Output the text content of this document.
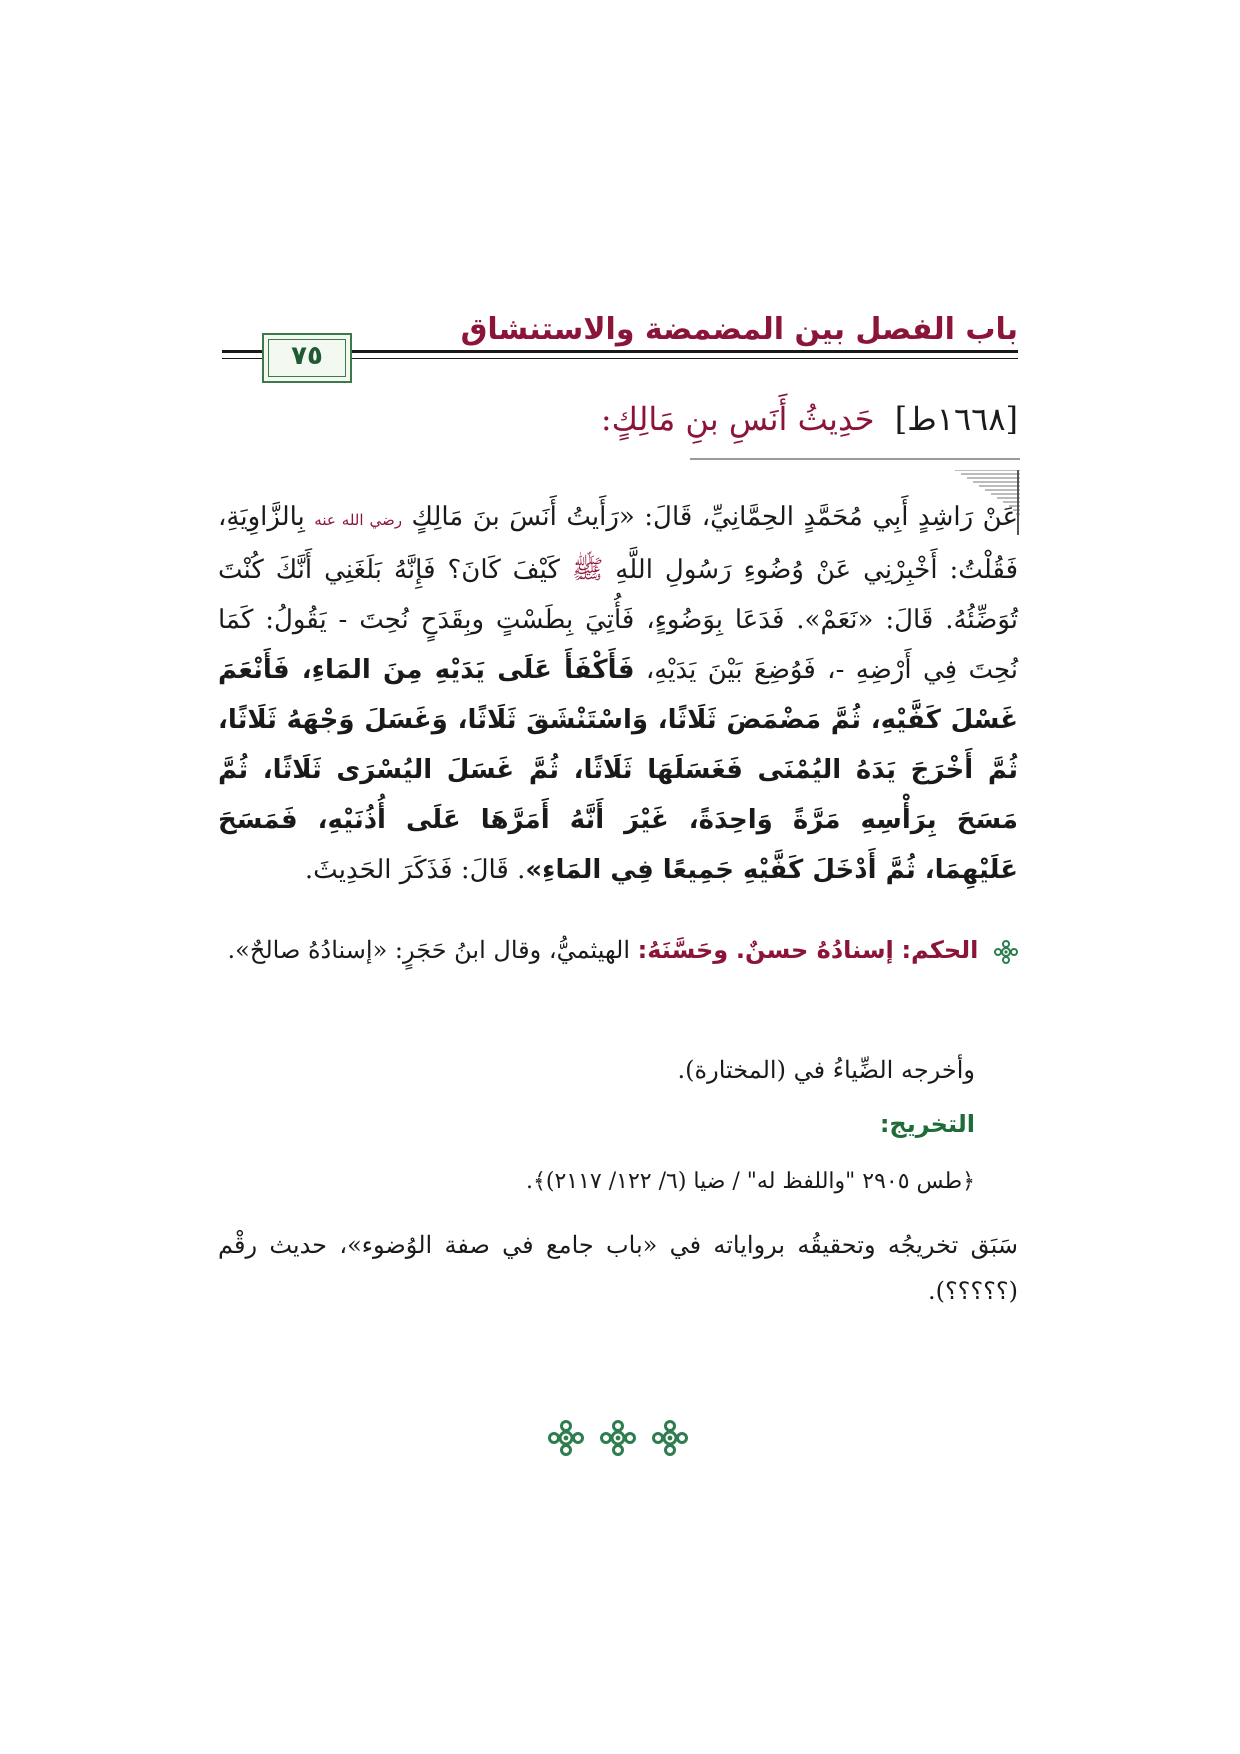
باب الفصل بين المضمضة والاستنشاق
٧٥
[١٦٦٨ط] حَدِيثُ أَنَسِ بنِ مَالِكٍ:
عَنْ رَاشِدٍ أَبِي مُحَمَّدٍ الحِمَّانِيِّ، قَالَ: «رَأَيتُ أَنَسَ بنَ مَالِكٍ رضي الله عنه بِالزَّاوِيَةِ، فَقُلْتُ: أَخْبِرْنِي عَنْ وُضُوءِ رَسُولِ اللَّهِ ﷺ كَيْفَ كَانَ؟ فَإِنَّهُ بَلَغَنِي أَنَّكَ كُنْتَ تُوَضِّئُهُ. قَالَ: «نَعَمْ». فَدَعَا بِوَضُوءٍ، فَأُتِيَ بِطَسْتٍ وبِقَدَحٍ نُحِتَ - يَقُولُ: كَمَا نُحِتَ فِي أَرْضِهِ -، فَوُضِعَ بَيْنَ يَدَيْهِ، فَأَكْفَأَ عَلَى يَدَيْهِ مِنَ المَاءِ، فَأَنْعَمَ غَسْلَ كَفَّيْهِ، ثُمَّ مَضْمَضَ ثَلَاثًا، وَاسْتَنْشَقَ ثَلَاثًا، وَغَسَلَ وَجْهَهُ ثَلَاثًا، ثُمَّ أَخْرَجَ يَدَهُ اليُمْنَى فَغَسَلَهَا ثَلَاثًا، ثُمَّ غَسَلَ اليُسْرَى ثَلَاثًا، ثُمَّ مَسَحَ بِرَأْسِهِ مَرَّةً وَاحِدَةً، غَيْرَ أَنَّهُ أَمَرَّهَا عَلَى أُذُنَيْهِ، فَمَسَحَ عَلَيْهِمَا، ثُمَّ أَدْخَلَ كَفَّيْهِ جَمِيعًا فِي المَاءِ». قَالَ: فَذَكَرَ الحَدِيثَ.
الحكم: إسنادُهُ حسنٌ. وحَسَّنَهُ: الهيثميُّ، وقال ابنُ حَجَرٍ: «إسنادُهُ صالحٌ».
وأخرجه الضِّياءُ في (المختارة).
التخريج:
﴿طس ٢٩٠٥ "واللفظ له" / ضيا (٦/ ١٢٢/ ٢١١٧)﴾.
سَبَق تخريجُه وتحقيقُه برواياته في «باب جامع في صفة الوُضوء»، حديث رقْم (؟؟؟؟؟).
